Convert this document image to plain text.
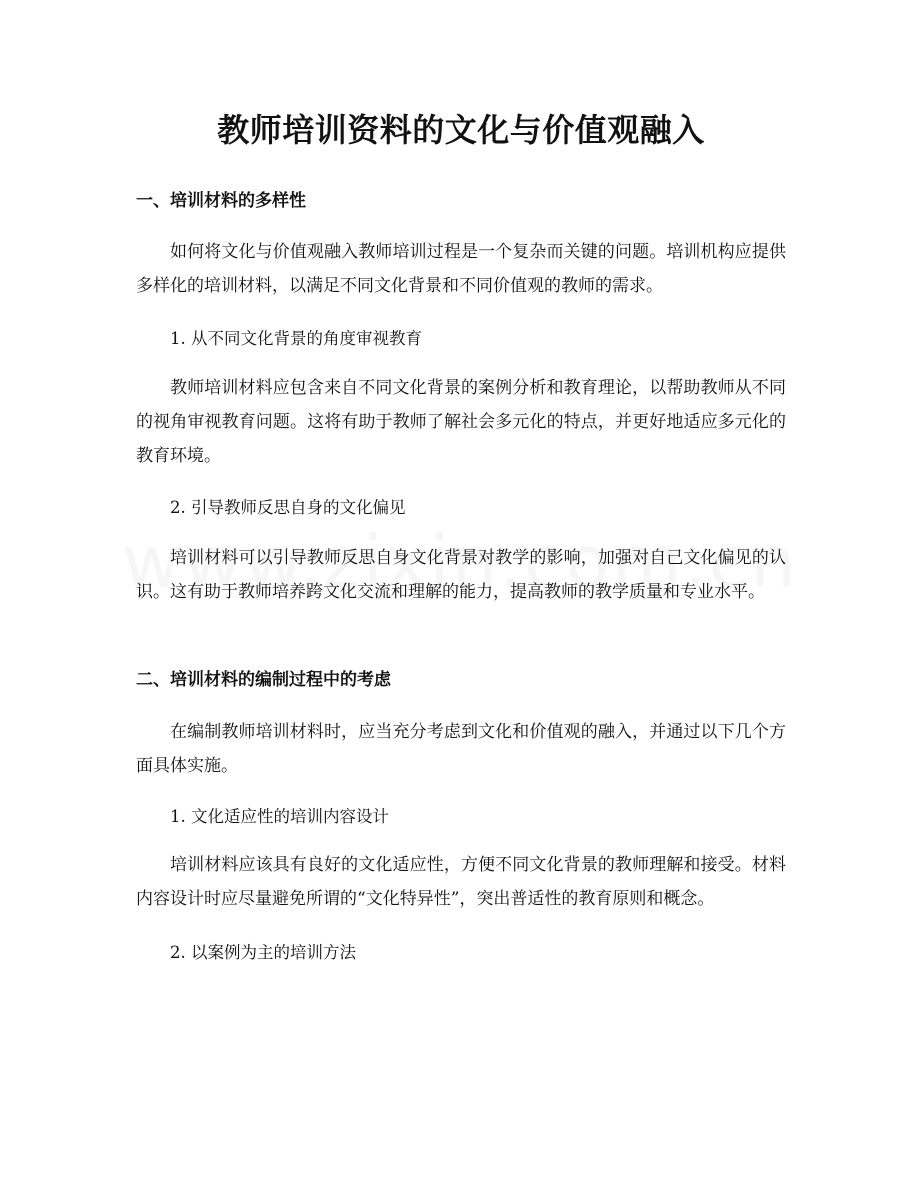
教师培训资料的文化与价值观融入
一、培训材料的多样性

如何将文化与价值观融入教师培训过程是一个复杂而关键的问题。培训机构应提供多样化的培训材料，以满足不同文化背景和不同价值观的教师的需求。

1. 从不同文化背景的角度审视教育

教师培训材料应包含来自不同文化背景的案例分析和教育理论，以帮助教师从不同的视角审视教育问题。这将有助于教师了解社会多元化的特点，并更好地适应多元化的教育环境。

2. 引导教师反思自身的文化偏见

培训材料可以引导教师反思自身文化背景对教学的影响，加强对自己文化偏见的认识。这有助于教师培养跨文化交流和理解的能力，提高教师的教学质量和专业水平。

二、培训材料的编制过程中的考虑

在编制教师培训材料时，应当充分考虑到文化和价值观的融入，并通过以下几个方面具体实施。

1. 文化适应性的培训内容设计

培训材料应该具有良好的文化适应性，方便不同文化背景的教师理解和接受。材料内容设计时应尽量避免所谓的“文化特异性”，突出普适性的教育原则和概念。

2. 以案例为主的培训方法
